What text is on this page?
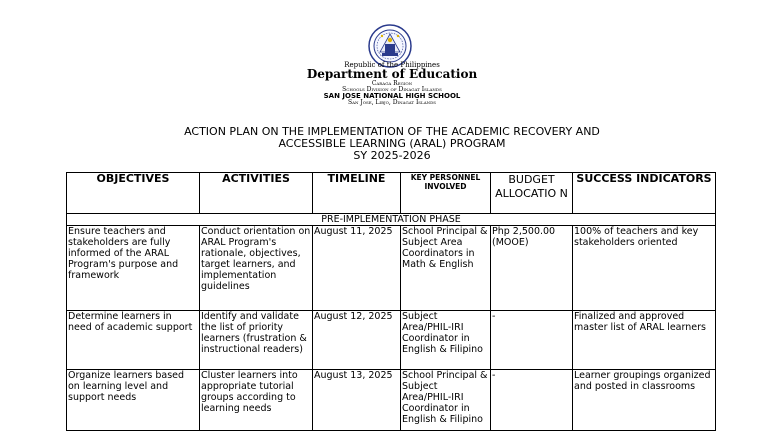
Republic of the Philippines
Department of Education
Caraga Region
Schools Division of Dinagat Islands
SAN JOSE NATIONAL HIGH SCHOOL
San Jose, Libjo, Dinagat Islands
ACTION PLAN ON THE IMPLEMENTATION OF THE ACADEMIC RECOVERY AND
ACCESSIBLE LEARNING (ARAL) PROGRAM
SY 2025-2026
OBJECTIVES	ACTIVITIES	TIMELINE	KEY PERSONNEL INVOLVED	BUDGET ALLOCATIO N	SUCCESS INDICATORS
PRE-IMPLEMENTATION PHASE					
Ensure teachers and stakeholders are fully informed of the ARAL Program's purpose and framework	Conduct orientation on ARAL Program's rationale, objectives, target learners, and implementation guidelines	August 11, 2025	School Principal & Subject Area Coordinators in Math & English	Php 2,500.00 (MOOE)	100% of teachers and key stakeholders oriented
Determine learners in need of academic support	Identify and validate the list of priority learners (frustration & instructional readers)	August 12, 2025	Subject Area/PHIL-IRI Coordinator in English & Filipino	-	Finalized and approved master list of ARAL learners
Organize learners based on learning level and support needs	Cluster learners into appropriate tutorial groups according to learning needs	August 13, 2025	School Principal & Subject Area/PHIL-IRI Coordinator in English & Filipino	-	Learner groupings organized and posted in classrooms
